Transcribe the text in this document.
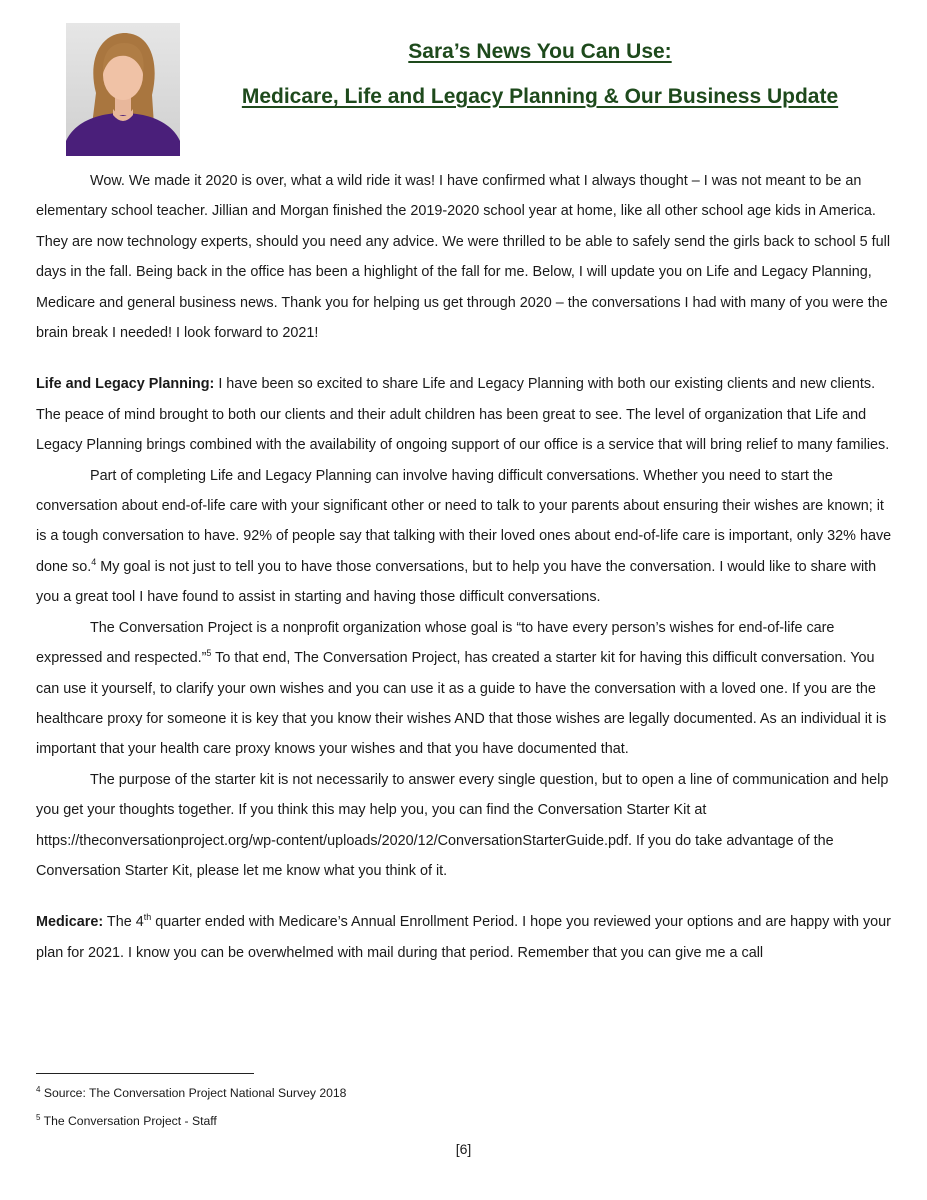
Sara’s News You Can Use: Medicare, Life and Legacy Planning & Our Business Update

Wow. We made it 2020 is over, what a wild ride it was! I have confirmed what I always thought – I was not meant to be an elementary school teacher. Jillian and Morgan finished the 2019-2020 school year at home, like all other school age kids in America. They are now technology experts, should you need any advice. We were thrilled to be able to safely send the girls back to school 5 full days in the fall. Being back in the office has been a highlight of the fall for me. Below, I will update you on Life and Legacy Planning, Medicare and general business news. Thank you for helping us get through 2020 – the conversations I had with many of you were the brain break I needed! I look forward to 2021!

Life and Legacy Planning: I have been so excited to share Life and Legacy Planning with both our existing clients and new clients. The peace of mind brought to both our clients and their adult children has been great to see. The level of organization that Life and Legacy Planning brings combined with the availability of ongoing support of our office is a service that will bring relief to many families.

Part of completing Life and Legacy Planning can involve having difficult conversations. Whether you need to start the conversation about end-of-life care with your significant other or need to talk to your parents about ensuring their wishes are known; it is a tough conversation to have. 92% of people say that talking with their loved ones about end-of-life care is important, only 32% have done so.$^4$ My goal is not just to tell you to have those conversations, but to help you have the conversation. I would like to share with you a great tool I have found to assist in starting and having those difficult conversations.

The Conversation Project is a nonprofit organization whose goal is “to have every person’s wishes for end-of-life care expressed and respected.”$^5$ To that end, The Conversation Project, has created a starter kit for having this difficult conversation. You can use it yourself, to clarify your own wishes and you can use it as a guide to have the conversation with a loved one. If you are the healthcare proxy for someone it is key that you know their wishes AND that those wishes are legally documented. As an individual it is important that your health care proxy knows your wishes and that you have documented that.

The purpose of the starter kit is not necessarily to answer every single question, but to open a line of communication and help you get your thoughts together. If you think this may help you, you can find the Conversation Starter Kit at https://theconversationproject.org/wp-content/uploads/2020/12/ConversationStarterGuide.pdf. If you do take advantage of the Conversation Starter Kit, please let me know what you think of it.

Medicare: The 4th quarter ended with Medicare’s Annual Enrollment Period. I hope you reviewed your options and are happy with your plan for 2021. I know you can be overwhelmed with mail during that period. Remember that you can give me a call

$^4$ Source: The Conversation Project National Survey 2018
$^5$ The Conversation Project - Staff
[6]
